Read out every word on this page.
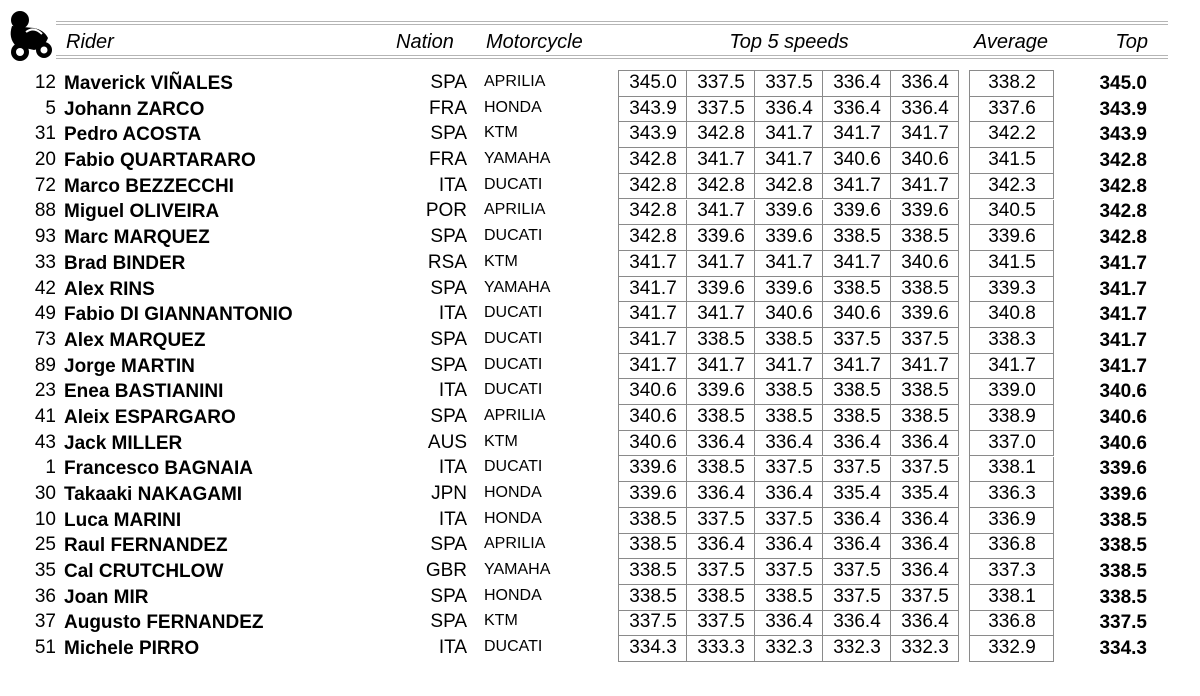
Rider	Nation Motorcycle	Top 5 speeds	Average	Top
12 Maverick VIÑALES	SPA APRILIA	345.0	337.5	337.5	336.4	336.4	338.2	345.0
5 Johann ZARCO	FRA HONDA	343.9	337.5	336.4	336.4	336.4	337.6	343.9
31 Pedro ACOSTA	SPA KTM	343.9	342.8	341.7	341.7	341.7	342.2	343.9
20 Fabio QUARTARARO	FRA YAMAHA	342.8	341.7	341.7	340.6	340.6	341.5	342.8
72 Marco BEZZECCHI	ITA DUCATI	342.8	342.8	342.8	341.7	341.7	342.3	342.8
88 Miguel OLIVEIRA	POR APRILIA	342.8	341.7	339.6	339.6	339.6	340.5	342.8
93 Marc MARQUEZ	SPA DUCATI	342.8	339.6	339.6	338.5	338.5	339.6	342.8
33 Brad BINDER	RSA KTM	341.7	341.7	341.7	341.7	340.6	341.5	341.7
42 Alex RINS	SPA YAMAHA	341.7	339.6	339.6	338.5	338.5	339.3	341.7
49 Fabio DI GIANNANTONIO	ITA DUCATI	341.7	341.7	340.6	340.6	339.6	340.8	341.7
73 Alex MARQUEZ	SPA DUCATI	341.7	338.5	338.5	337.5	337.5	338.3	341.7
89 Jorge MARTIN	SPA DUCATI	341.7	341.7	341.7	341.7	341.7	341.7	341.7
23 Enea BASTIANINI	ITA DUCATI	340.6	339.6	338.5	338.5	338.5	339.0	340.6
41 Aleix ESPARGARO	SPA APRILIA	340.6	338.5	338.5	338.5	338.5	338.9	340.6
43 Jack MILLER	AUS KTM	340.6	336.4	336.4	336.4	336.4	337.0	340.6
1 Francesco BAGNAIA	ITA DUCATI	339.6	338.5	337.5	337.5	337.5	338.1	339.6
30 Takaaki NAKAGAMI	JPN HONDA	339.6	336.4	336.4	335.4	335.4	336.3	339.6
10 Luca MARINI	ITA HONDA	338.5	337.5	337.5	336.4	336.4	336.9	338.5
25 Raul FERNANDEZ	SPA APRILIA	338.5	336.4	336.4	336.4	336.4	336.8	338.5
35 Cal CRUTCHLOW	GBR YAMAHA	338.5	337.5	337.5	337.5	336.4	337.3	338.5
36 Joan MIR	SPA HONDA	338.5	338.5	338.5	337.5	337.5	338.1	338.5
37 Augusto FERNANDEZ	SPA KTM	337.5	337.5	336.4	336.4	336.4	336.8	337.5
51 Michele PIRRO	ITA DUCATI	334.3	333.3	332.3	332.3	332.3	332.9	334.3
